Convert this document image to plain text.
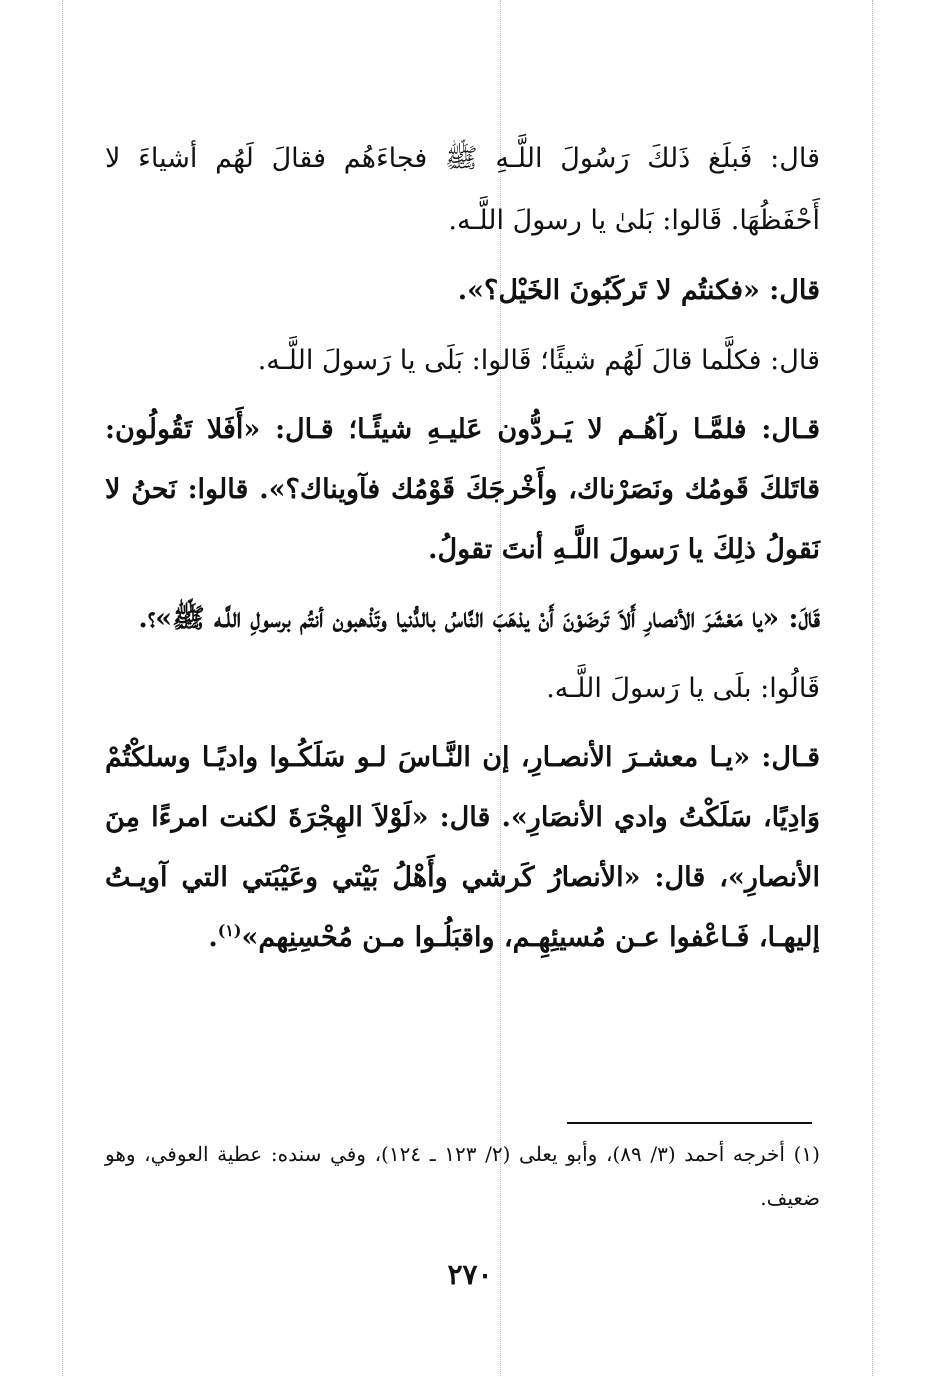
قال: فَبلَغ ذَلكَ رَسُولَ اللَّـهِ ﷺ فجاءَهُم فقالَ لَهُم أشياءَ لا أَحْفَظُهَا. قَالوا: بَلىٰ يا رسولَ اللَّـه.

قال: «فكنتُم لا تَركَبُونَ الخَيْل؟».

قال: فكلَّما قالَ لَهُم شيئًا؛ قَالوا: بَلَى يا رَسولَ اللَّـه.

قـال: فلمَّـا رآهُـم لا يَـردُّون عَليـهِ شيئًـا؛ قـال: «أَفَلا تَقُولُون: قاتَلكَ قَومُك ونَصَرْناك، وأَخْرجَكَ قَوْمُك فآويناك؟». قالوا: نَحنُ لا نَقولُ ذلِكَ يا رَسولَ اللَّـهِ أنتَ تقولُ.

قَالَ: «يا مَعْشَرَ الأنصارِ أَلاَ تَرضَوْنَ أَنْ يذهَبَ النَّاسُ بالدُّنيا وتَذْهبون أنتُم برسولِ اللَّـه ﷺ»؟.

قَالُوا: بلَى يا رَسولَ اللَّـه.

قـال: «يـا معشـرَ الأنصـارِ، إن النَّـاسَ لـو سَلَكُـوا واديًـا وسلكْتُمْ وَادِيًا، سَلَكْتُ وادي الأنصَارِ». قال: «لَوْلاَ الهِجْرَةَ لكنت امرءًا مِنَ الأنصارِ»، قال: «الأنصارُ كَرشي وأَهْلُ بَيْتي وعَيْبَتي التي آويـتُ إليهـا، فَـاعْفوا عـن مُسيئِهِـم، واقبَلُـوا مـن مُحْسِنِهم»$^{(١)}$.

(١) أخرجه أحمد (٣/ ٨٩)، وأبو يعلى (٢/ ١٢٣ ـ ١٢٤)، وفي سنده: عطية العوفي، وهو ضعيف.
٢٧٠
